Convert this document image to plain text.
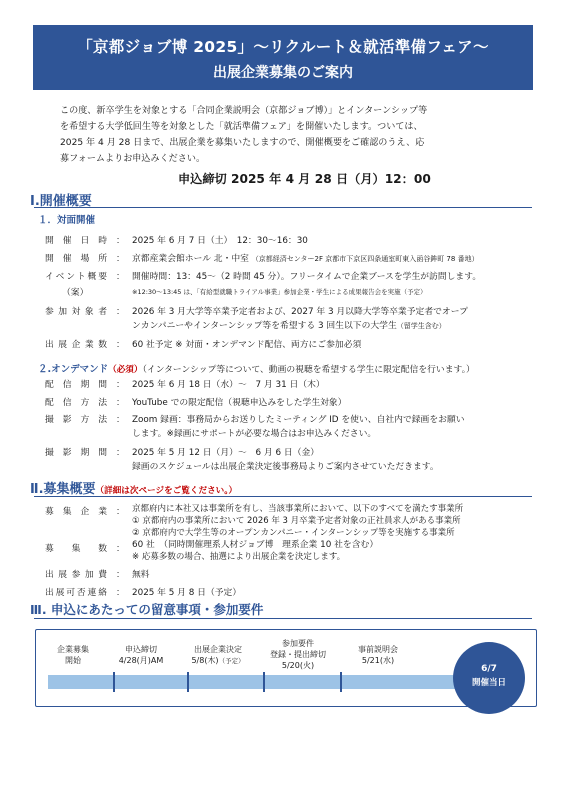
「京都ジョブ博 2025」～リクルート＆就活準備フェア～
出展企業募集のご案内

この度、新卒学生を対象とする「合同企業説明会（京都ジョブ博）」とインターンシップ等

を希望する大学低回生等を対象とした「就活準備フェア」を開催いたします。ついては、

2025 年 4 月 28 日まで、出展企業を募集いたしますので、開催概要をご確認のうえ、応

募フォームよりお申込みください。

申込締切 2025 年 4 月 28 日（月）12：00
Ⅰ.開催概要
１．対面開催
開 催 日 時 ： 2025 年 6 月 7 日（土）　12：30～16：30
開 催 場 所 ： 京都産業会館ホール 北・中室 （京都経済センター2F 京都市下京区四条通室町東入函谷鉾町 78 番地）
イベント概要
（案）
： 開催時間：13：45～（2 時間 45 分）。フリータイムで企業ブースを学生が訪問します。
※12:30～13:45 は、「有給型就職トライアル事業」参加企業・学生による成果報告会を実施（予定）
参 加 対 象 者 ： 2026 年 3 月大学等卒業予定者および、2027 年 3 月以降大学等卒業予定者でオープ
ンカンパニーやインターンシップ等を希望する 3 回生以下の大学生（留学生含む）
出 展 企 業 数 ： 60 社予定 ※ 対面・オンデマンド配信、両方にご参加必須
２.オンデマンド（必須）（インターンシップ等について、動画の視聴を希望する学生に限定配信を行います。）
配 信 期 間 ： 2025 年 6 月 18 日（水）～　7 月 31 日（木）
配 信 方 法 ： YouTube での限定配信（視聴申込みをした学生対象）
撮 影 方 法 ： Zoom 録画：事務局からお送りしたミーティング ID を使い、自社内で録画をお願い
します。※録画にサポートが必要な場合はお申込みください。
撮 影 期 間 ： 2025 年 5 月 12 日（月）～　6 月 6 日（金）
録画のスケジュールは出展企業決定後事務局よりご案内させていただきます。
Ⅱ.募集概要（詳細は次ページをご覧ください。）
募 集 企 業 ： 京都府内に本社又は事業所を有し、当該事業所において、以下のすべてを満たす事業所
① 京都府内の事業所において 2026 年 3 月卒業予定者対象の正社員求人がある事業所
② 京都府内で大学生等のオープンカンパニー・インターンシップ等を実施する事業所
募　集　数 ： 60 社　（同時開催理系人材ジョブ博　理系企業 10 社を含む）
※ 応募多数の場合、抽選により出展企業を決定します。
出展参加費 ： 無料
出展可否連絡 ： 2025 年 5 月 8 日（予定）
Ⅲ. 申込にあたっての留意事項・参加要件
企業募集
開始
申込締切
4/28(月)AM
出展企業決定
5/8(木)（予定）
参加要件
登録・提出締切
5/20(火)
事前説明会
5/21(水)
6/7
開催当日
